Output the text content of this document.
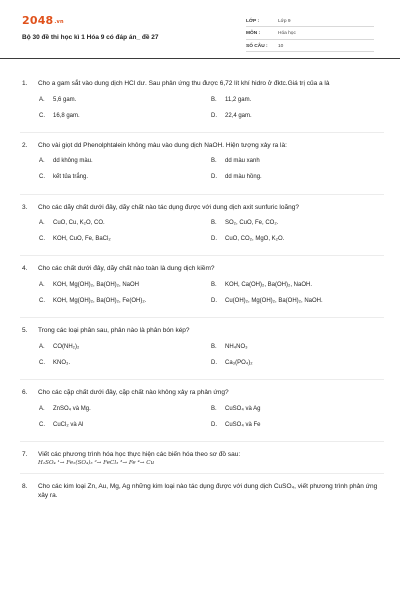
2048.vn
Bộ 30 đề thi học kì 1 Hóa 9 có đáp án_ đề 27
LỚP :	Lớp 9
MÔN :	Hóa học
SỐ CÂU :	10
1.	Cho a gam sắt vào dung dịch HCl dư. Sau phản ứng thu được 6,72 lít khí hidro ở đktc.Giá trị của a là
A.	5,6 gam.	B.	11,2 gam.
C.	16,8 gam.	D.	22,4 gam.
2.	Cho vài giọt dd Phenolphtalein không màu vào dung dịch NaOH. Hiện tượng xảy ra là:
A.	dd không màu.	B.	dd màu xanh
C.	kết tủa trắng.	D.	dd màu hồng.
3.	Cho các dãy chất dưới đây, dãy chất nào tác dụng được với dung dịch axit sunfuric loãng?
A.	CuO, Cu, K₂O, CO.	B.	SO₂, CuO, Fe, CO₂.
C.	KOH, CuO, Fe, BaCl₂	D.	CuO, CO₂, MgO, K₂O.
4.	Cho các chất dưới đây, dãy chất nào toàn là dung dịch kiềm?
A.	KOH, Mg(OH)₂, Ba(OH)₂, NaOH	B.	KOH, Ca(OH)₂, Ba(OH)₂, NaOH.
C.	KOH, Mg(OH)₂, Ba(OH)₂, Fe(OH)₂.	D.	Cu(OH)₂, Mg(OH)₂, Ba(OH)₂, NaOH.
5.	Trong các loại phân sau, phân nào là phân bón kép?
A.	CO(NH₂)₂	B.	NH₄NO₃
C.	KNO₃.	D.	Ca₃(PO₄)₂
6.	Cho các cặp chất dưới đây, cặp chất nào không xảy ra phản ứng?
A.	ZnSO₄ và Mg.	B.	CuSO₄ và Ag
C.	CuCl₂ và Al	D.	CuSO₄ và Fe
7.	Viết các phương trình hóa học thực hiện các biến hóa theo sơ đồ sau:
H₂SO₄ ¹→ Fe₂(SO₄)₃ ²→ FeCl₃ ³→ Fe ⁴→ Cu
8.	Cho các kim loại Zn, Au, Mg, Ag những kim loại nào tác dụng được với dung dịch CuSO₄, viết phương trình phản ứng xảy ra.
